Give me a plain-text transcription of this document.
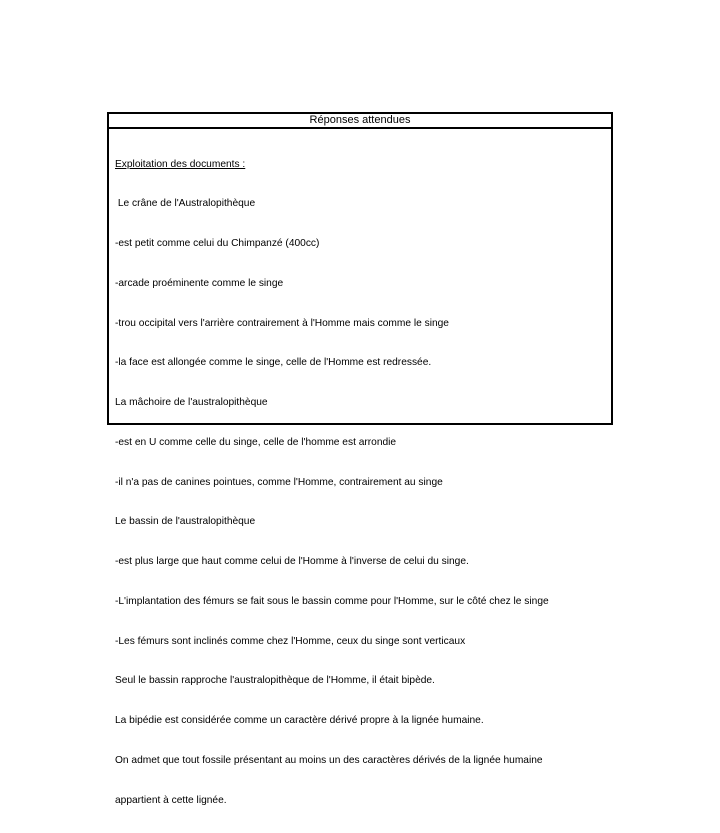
Réponses attendues

Exploitation des documents :

Le crâne de l'Australopithèque

-est petit comme celui du Chimpanzé (400cc)

-arcade proéminente comme le singe

-trou occipital vers l'arrière contrairement à l'Homme mais comme le singe

-la face est allongée comme le singe, celle de l'Homme est redressée.

La mâchoire de l'australopithèque

-est en U comme celle du singe, celle de l'homme est arrondie

-il n'a pas de canines pointues, comme l'Homme, contrairement au singe

Le bassin de l'australopithèque

-est plus large que haut comme celui de l'Homme à l'inverse de celui du singe.

-L'implantation des fémurs se fait sous le bassin comme pour l'Homme, sur le côté chez le singe

-Les fémurs sont inclinés comme chez l'Homme, ceux du singe sont verticaux

Seul le bassin rapproche l'australopithèque de l'Homme, il était bipède.

La bipédie est considérée comme un caractère dérivé propre à la lignée humaine.

On admet que tout fossile présentant au moins un des caractères dérivés de la lignée humaine

appartient à cette lignée.
